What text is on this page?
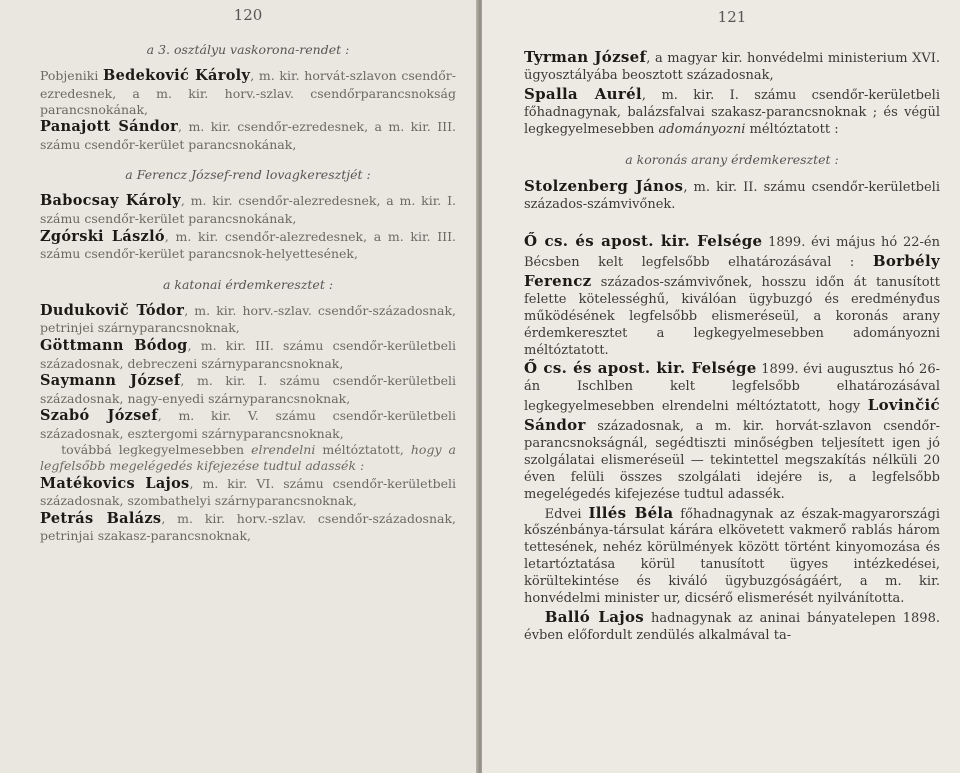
120
a 3. osztályu vaskorona-rendet :

Pobjeniki Bedeković Károly, m. kir. horvát-szlavon csendőr-ezredesnek, a m. kir. horv.-szlav. csendőrparancsnokság parancsnokának,

Panajott Sándor, m. kir. csendőr-ezredesnek, a m. kir. III. számu csendőr-kerület parancsnokának,

a Ferencz József-rend lovagkeresztjét :

Babocsay Károly, m. kir. csendőr-alezredesnek, a m. kir. I. számu csendőr-kerület parancsnokának,

Zgórski László, m. kir. csendőr-alezredesnek, a m. kir. III. számu csendőr-kerület parancsnok-helyettesének,

a katonai érdemkeresztet :

Dudukovič Tódor, m. kir. horv.-szlav. csendőr-századosnak, petrinjei szárnyparancsnoknak,

Göttmann Bódog, m. kir. III. számu csendőr-kerületbeli századosnak, debreczeni szárnyparancsnoknak,

Saymann József, m. kir. I. számu csendőr-kerületbeli századosnak, nagy-enyedi szárnyparancsnoknak,

Szabó József, m. kir. V. számu csendőr-kerületbeli századosnak, esztergomi szárnyparancsnoknak,

továbbá legkegyelmesebben elrendelni méltóztatott, hogy a legfelsőbb megelégedés kifejezése tudtul adassék :

Matékovics Lajos, m. kir. VI. számu csendőr-kerületbeli századosnak, szombathelyi szárnyparancsnoknak,

Petrás Balázs, m. kir. horv.-szlav. csendőr-századosnak, petrinjai szakasz-parancsnoknak,

121

Tyrman József, a magyar kir. honvédelmi ministerium XVI. ügyosztályába beosztott századosnak,

Spalla Aurél, m. kir. I. számu csendőr-kerületbeli főhadnagynak, balázsfalvai szakasz-parancsnoknak ; és végül legkegyelmesebben adományozni méltóztatott :

a koronás arany érdemkeresztet :

Stolzenberg János, m. kir. II. számu csendőr-kerületbeli százados-számvivőnek.

Ő cs. és apost. kir. Felsége 1899. évi május hó 22-én Bécsben kelt legfelsőbb elhatározásával : Borbély Ferencz százados-számvivőnek, hosszu időn át tanusított felette kötelességhű, kiválóan ügybuzgó és eredményđus működésének legfelsőbb elismeréseül, a koronás arany érdemkeresztet a legkegyelmesebben adományozni méltóztatott.

Ő cs. és apost. kir. Felsége 1899. évi augusztus hó 26-án Ischlben kelt legfelsőbb elhatározásával legkegyelmesebben elrendelni méltóztatott, hogy Lovinčić Sándor századosnak, a m. kir. horvát-szlavon csendőr-parancsnokságnál, segédtiszti minőségben teljesített igen jó szolgálatai elismeréseül — tekintettel megszakítás nélküli 20 éven felüli összes szolgálati idejére is, a legfelsőbb megelégedés kifejezése tudtul adassék.

Edvei Illés Béla főhadnagynak az észak-magyarországi kőszénbánya-társulat kárára elkövetett vakmerő rablás három tettesének, nehéz körülmények között történt kinyomozása és letartóztatása körül tanusított ügyes intézkedései, körültekintése és kiváló ügybuzgóságáért, a m. kir. honvédelmi minister ur, dicsérő elismerését nyilvánította.

Balló Lajos hadnagynak az aninai bányatelepen 1898. évben előfordult zendülés alkalmával ta-
